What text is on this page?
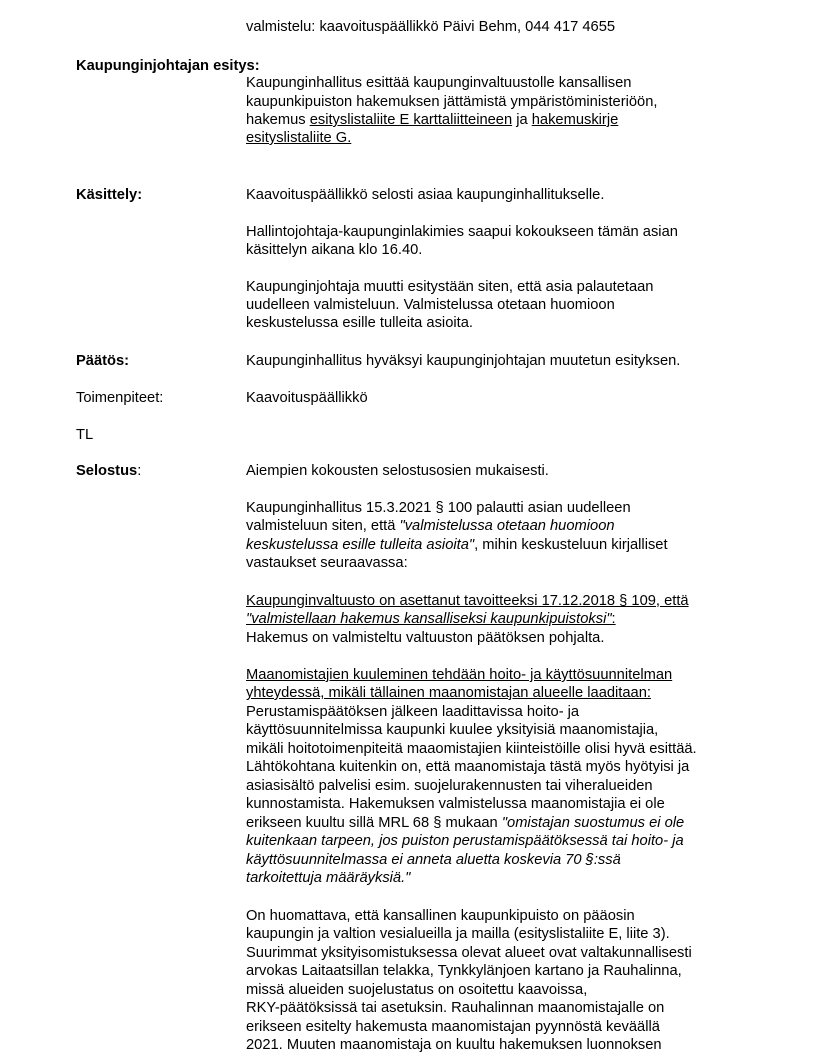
valmistelu: kaavoituspäällikkö Päivi Behm, 044 417 4655
Kaupunginjohtajan esitys:
Kaupunginhallitus esittää kaupunginvaltuustolle kansallisen
kaupunkipuiston hakemuksen jättämistä ympäristöministeriöön,
hakemus esityslistaliite E karttaliitteineen ja hakemuskirje
esityslistaliite G.
Käsittely:	Kaavoituspäällikkö selosti asiaa kaupunginhallitukselle.
Hallintojohtaja-kaupunginlakimies saapui kokoukseen tämän asian
käsittelyn aikana klo 16.40.
Kaupunginjohtaja muutti esitystään siten, että asia palautetaan
uudelleen valmisteluun. Valmistelussa otetaan huomioon
keskustelussa esille tulleita asioita.
Päätös:	Kaupunginhallitus hyväksyi kaupunginjohtajan muutetun esityksen.
Toimenpiteet:	Kaavoituspäällikkö
TL
Selostus:	Aiempien kokousten selostusosien mukaisesti.
Kaupunginhallitus 15.3.2021 § 100 palautti asian uudelleen
valmisteluun siten, että "valmistelussa otetaan huomioon
keskustelussa esille tulleita asioita", mihin keskusteluun kirjalliset
vastaukset seuraavassa:
Kaupunginvaltuusto on asettanut tavoitteeksi 17.12.2018 § 109, että
"valmistellaan hakemus kansalliseksi kaupunkipuistoksi":
Hakemus on valmisteltu valtuuston päätöksen pohjalta.
Maanomistajien kuuleminen tehdään hoito- ja käyttösuunnitelman
yhteydessä, mikäli tällainen maanomistajan alueelle laaditaan:
Perustamispäätöksen jälkeen laadittavissa hoito- ja
käyttösuunnitelmissa kaupunki kuulee yksityisiä maanomistajia,
mikäli hoitotoimenpiteitä maaomistajien kiinteistöille olisi hyvä esittää.
Lähtökohtana kuitenkin on, että maanomistaja tästä myös hyötyisi ja
asiasisältö palvelisi esim. suojelurakennusten tai viheralueiden
kunnostamista. Hakemuksen valmistelussa maanomistajia ei ole
erikseen kuultu sillä MRL 68 § mukaan "omistajan suostumus ei ole
kuitenkaan tarpeen, jos puiston perustamispäätöksessä tai hoito- ja
käyttösuunnitelmassa ei anneta aluetta koskevia 70 §:ssä
tarkoitettuja määräyksiä."
On huomattava, että kansallinen kaupunkipuisto on pääosin
kaupungin ja valtion vesialueilla ja mailla (esityslistaliite E, liite 3).
Suurimmat yksityisomistuksessa olevat alueet ovat valtakunnallisesti
arvokas Laitaatsillan telakka, Tynkkylänjoen kartano ja Rauhalinna,
missä alueiden suojelustatus on osoitettu kaavoissa,
RKY-päätöksissä tai asetuksin. Rauhalinnan maanomistajalle on
erikseen esitelty hakemusta maanomistajan pyynnöstä keväällä
2021. Muuten maanomistaja on kuultu hakemuksen luonnoksen
